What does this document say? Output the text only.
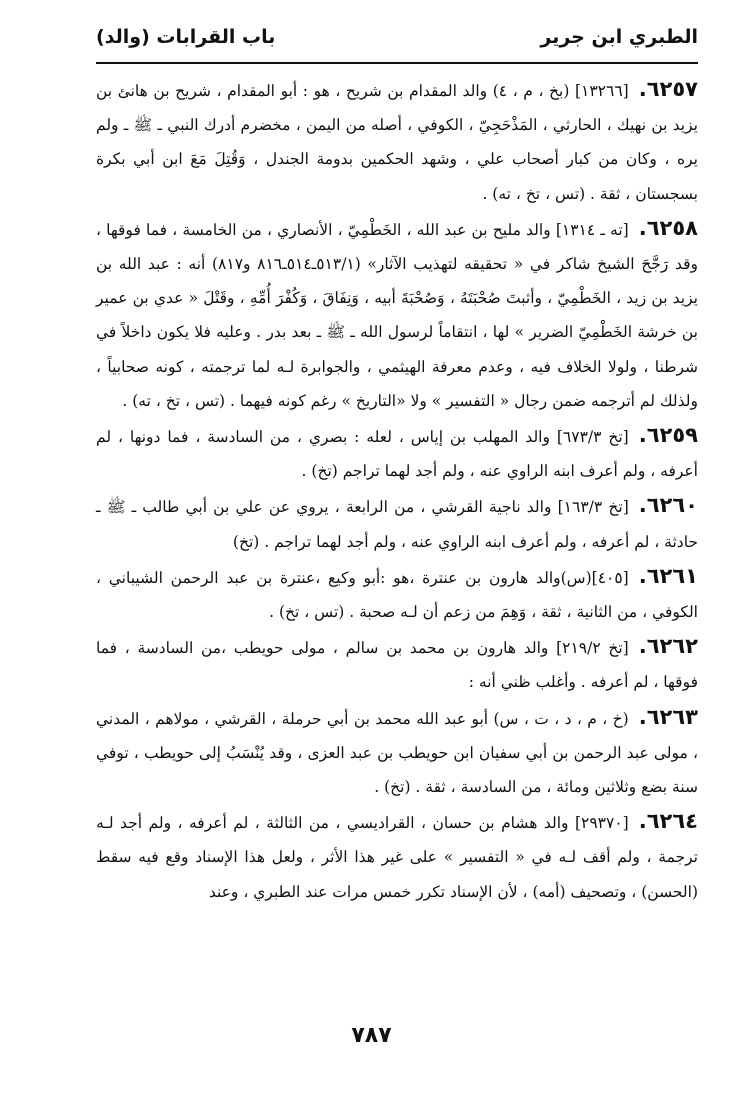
الطبري ابن جرير
باب القرابات (والد)

٦٢٥٧.[١٣٢٦٦] (بخ ، م ، ٤) والد المقدام بن شريح ، هو : أبو المقدام ، شريح بن هانئ بن يزيد بن نهيك ، الحارثي ، المَذْحَجِيّ ، الكوفي ، أصله من اليمن ، مخضرم أدرك النبي ـ ﷺ ـ ولم يره ، وكان من كبار أصحاب علي ، وشهد الحكمين بدومة الجندل ، وَقُتِلَ مَعَ ابن أبي بكرة بسجستان ، ثقة . (تس ، تخ ، ته) .

٦٢٥٨.[ته ـ ١٣١٤] والد مليح بن عبد الله ، الخَطْمِيّ ، الأنصاري ، من الخامسة ، فما فوقها ، وقد رَجَّحَ الشيخ شاكر في « تحقيقه لتهذيب الآثار» (٥١٣/١ـ٥١٤ـ٨١٦ و٨١٧) أنه : عبد الله بن يزيد بن زيد ، الخَطْمِيّ ، وأثبتَ صُحْبَتَهُ ، وَصُحْبَةَ أبيه ، وَنِفَاقَ ، وَكُفْرَ أُمِّهِ ، وقَتْلَ « عدي بن عمير بن خرشة الخَطْمِيّ الضرير » لها ، انتقاماً لرسول الله ـ ﷺ ـ بعد بدر . وعليه فلا يكون داخلاً في شرطنا ، ولولا الخلاف فيه ، وعدم معرفة الهيثمي ، والجوابرة لـه لما ترجمته ، كونه صحابياً ، ولذلك لم أترجمه ضمن رجال « التفسير » ولا «التاريخ » رغم كونه فيهما . (تس ، تخ ، ته) .

٦٢٥٩.[تخ ٦٧٣/٣] والد المهلب بن إياس ، لعله : بصري ، من السادسة ، فما دونها ، لم أعرفه ، ولم أعرف ابنه الراوي عنه ، ولم أجد لهما تراجم (تخ) .

٦٢٦٠.[تخ ١٦٣/٣] والد ناجية القرشي ، من الرابعة ، يروي عن علي بن أبي طالب ـ ﷺ ـ حادثة ، لم أعرفه ، ولم أعرف ابنه الراوي عنه ، ولم أجد لهما تراجم . (تخ)

٦٢٦١.[٤٠٥](س)والد هارون بن عنترة ،هو :أبو وكيع ،عنترة بن عبد الرحمن الشيباني ، الكوفي ، من الثانية ، ثقة ، وَهِمَ من زعم أن لـه صحبة . (تس ، تخ) .

٦٢٦٢.[تخ ٢١٩/٢] والد هارون بن محمد بن سالم ، مولى حويطب ،من السادسة ، فما فوقها ، لم أعرفه . وأغلب ظني أنه :

٦٢٦٣.(خ ، م ، د ، ت ، س) أبو عبد الله محمد بن أبي حرملة ، القرشي ، مولاهم ، المدني ، مولى عبد الرحمن بن أبي سفيان ابن حويطب بن عبد العزى ، وقد يُنْسَبُ إلى حويطب ، توفي سنة بضع وثلاثين ومائة ، من السادسة ، ثقة . (تخ) .

٦٢٦٤.[٢٩٣٧٠] والد هشام بن حسان ، القراديسي ، من الثالثة ، لم أعرفه ، ولم أجد لـه ترجمة ، ولم أقف لـه في « التفسير » على غير هذا الأثر ، ولعل هذا الإسناد وقع فيه سقط (الحسن) ، وتصحيف (أمه) ، لأن الإسناد تكرر خمس مرات عند الطبري ، وعند

٧٨٧
